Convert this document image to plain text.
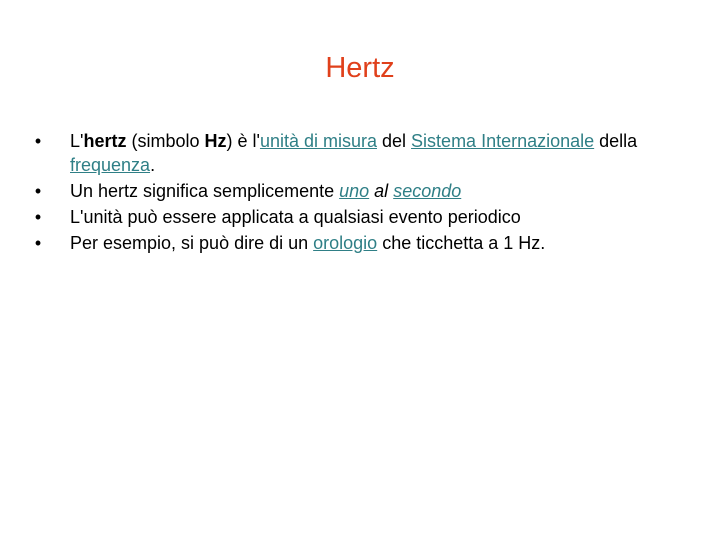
Hertz
•	L'hertz (simbolo Hz) è l'unità di misura del Sistema Internazionale della frequenza.
•	Un hertz significa semplicemente uno al secondo
•	L'unità può essere applicata a qualsiasi evento periodico
•	Per esempio, si può dire di un orologio che ticchetta a 1 Hz.
